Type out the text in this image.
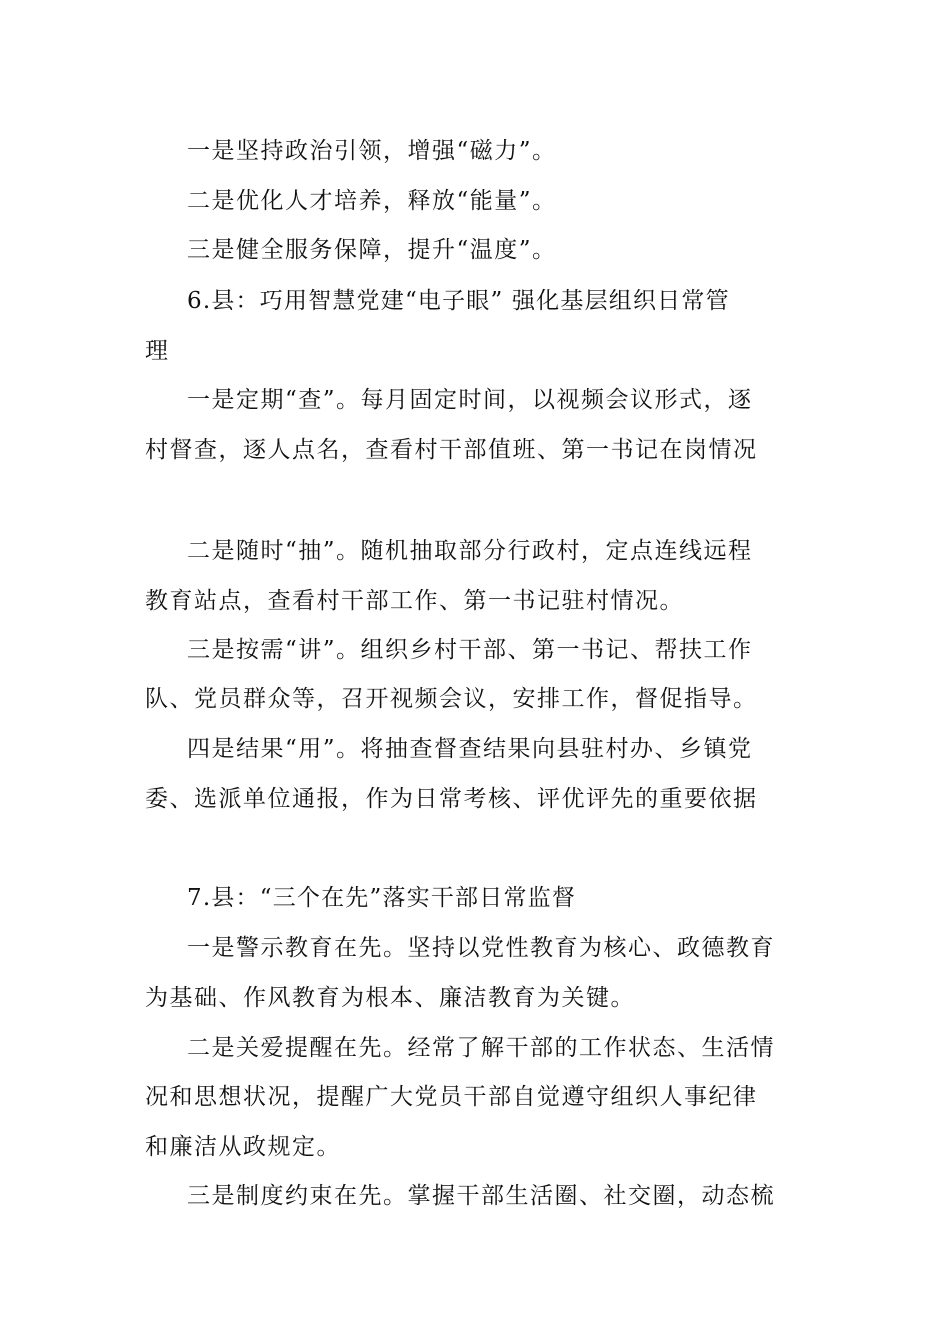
一是坚持政治引领，增强“磁力”。
二是优化人才培养，释放“能量”。
三是健全服务保障，提升“温度”。
6.县：巧用智慧党建“电子眼” 强化基层组织日常管
理
一是定期“查”。每月固定时间，以视频会议形式，逐
村督查，逐人点名，查看村干部值班、第一书记在岗情况
二是随时“抽”。随机抽取部分行政村，定点连线远程
教育站点，查看村干部工作、第一书记驻村情况。
三是按需“讲”。组织乡村干部、第一书记、帮扶工作
队、党员群众等，召开视频会议，安排工作，督促指导。
四是结果“用”。将抽查督查结果向县驻村办、乡镇党
委、选派单位通报，作为日常考核、评优评先的重要依据
7.县：“三个在先”落实干部日常监督
一是警示教育在先。坚持以党性教育为核心、政德教育
为基础、作风教育为根本、廉洁教育为关键。
二是关爱提醒在先。经常了解干部的工作状态、生活情
况和思想状况，提醒广大党员干部自觉遵守组织人事纪律
和廉洁从政规定。
三是制度约束在先。掌握干部生活圈、社交圈，动态梳
